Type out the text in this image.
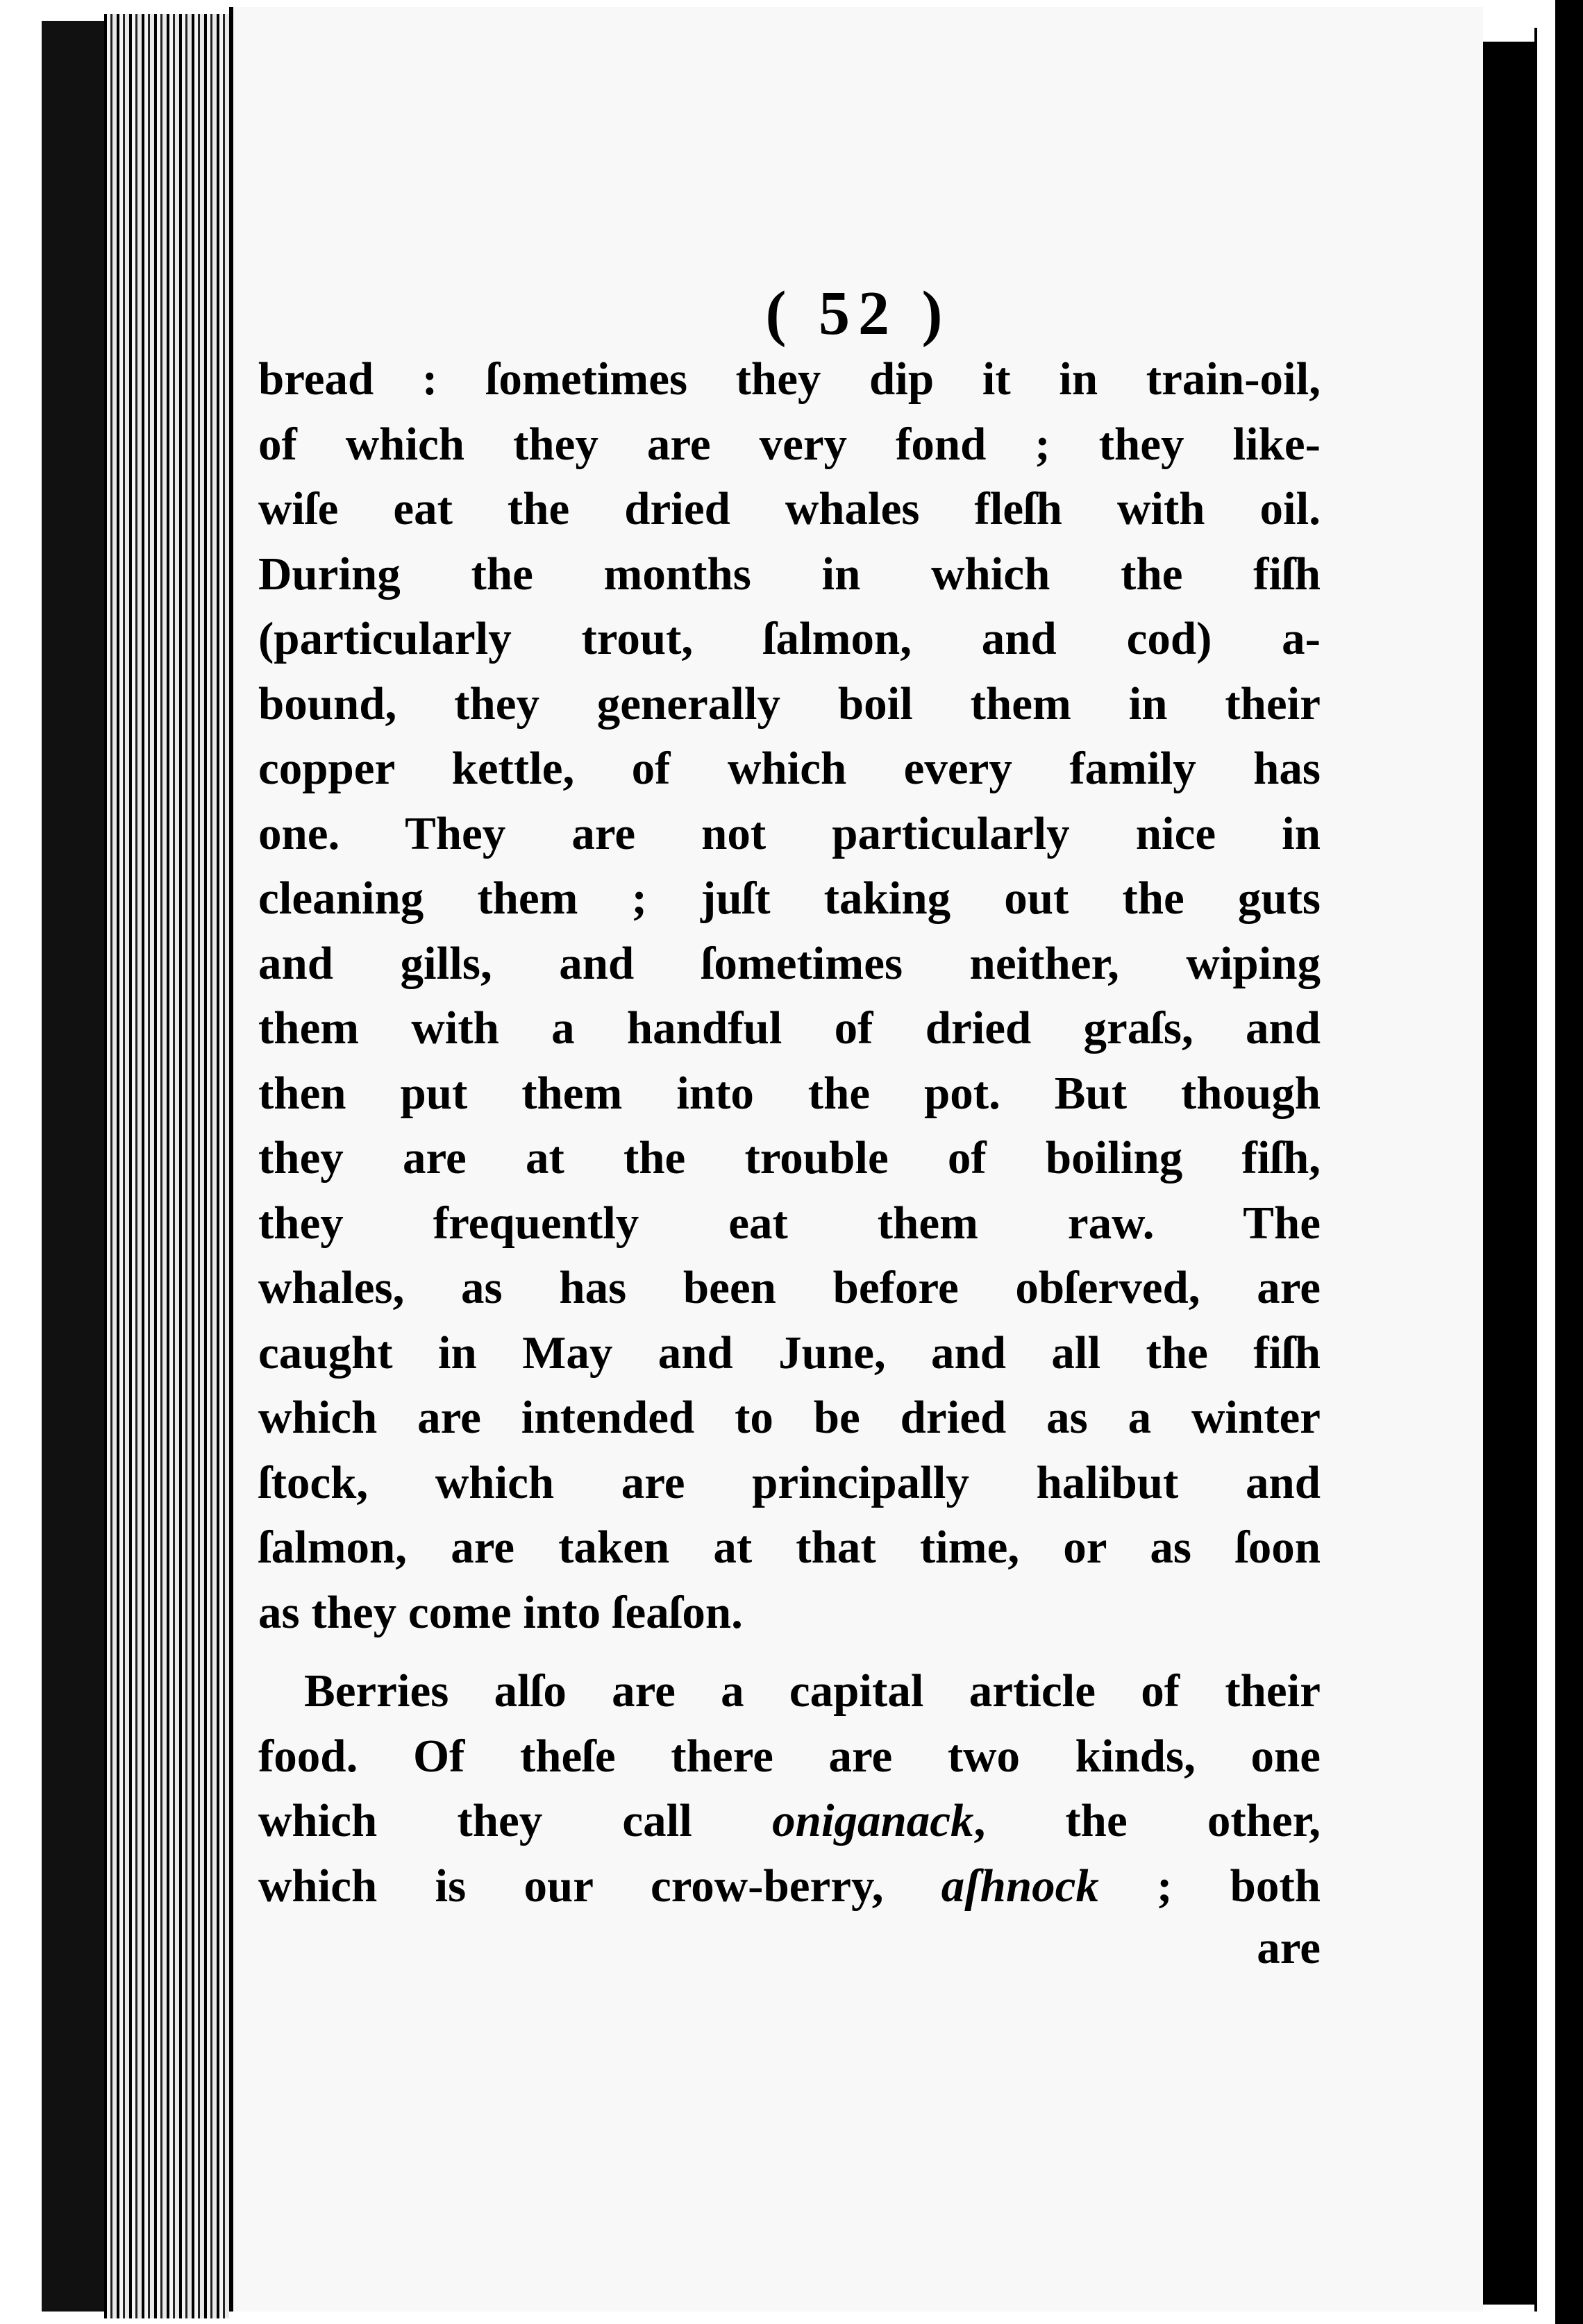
( 52 )
bread : ſometimes they dip it in train-oil,
of which they are very fond ; they like-
wiſe eat the dried whales fleſh with oil.
During the months in which the fiſh
(particularly trout, ſalmon, and cod) a-
bound, they generally boil them in their
copper kettle, of which every family has
one. They are not particularly nice in
cleaning them ; juſt taking out the guts
and gills, and ſometimes neither, wiping
them with a handful of dried graſs, and
then put them into the pot. But though
they are at the trouble of boiling fiſh,
they frequently eat them raw. The
whales, as has been before obſerved, are
caught in May and June, and all the fiſh
which are intended to be dried as a winter
ſtock, which are principally halibut and
ſalmon, are taken at that time, or as ſoon
as they come into ſeaſon.
Berries alſo are a capital article of their
food. Of theſe there are two kinds, one
which they call oniganack, the other,
which is our crow-berry, aſhnock ; both
are
